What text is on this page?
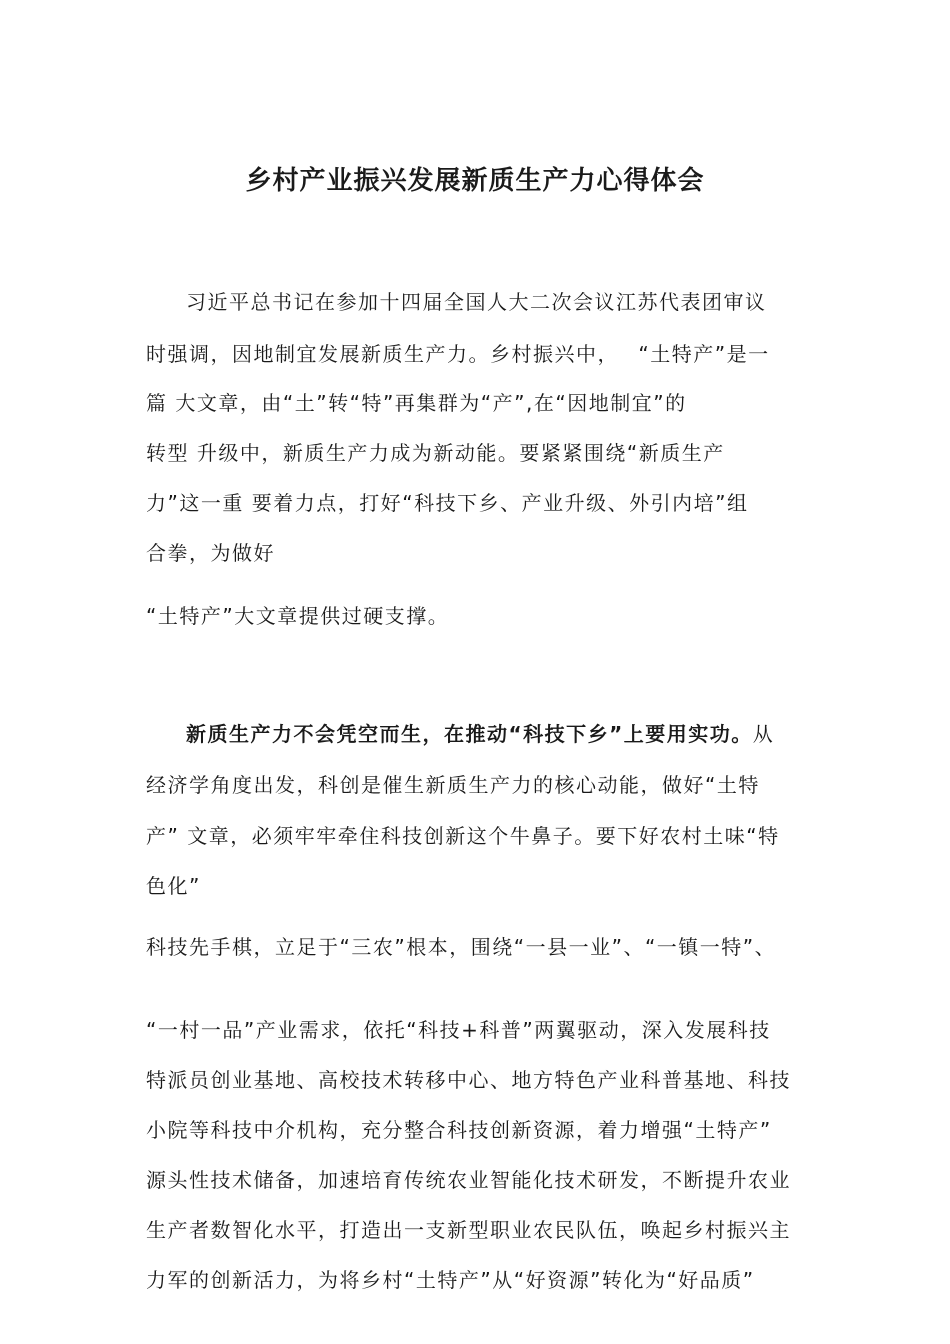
乡村产业振兴发展新质生产力心得体会
习近平总书记在参加十四届全国人大二次会议江苏代表团审议
时强调，因地制宜发展新质生产力。乡村振兴中，　 “土特产”是一
篇 大文章，由“土”转“特”再集群为“产”,在“因地制宜”的
转型 升级中，新质生产力成为新动能。要紧紧围绕“新质生产
力”这一重 要着力点，打好“科技下乡、产业升级、外引内培”组
合拳，为做好
“土特产”大文章提供过硬支撑。
新质生产力不会凭空而生，在推动“科技下乡”上要用实功。从
经济学角度出发，科创是催生新质生产力的核心动能，做好“土特
产” 文章，必须牢牢牵住科技创新这个牛鼻子。要下好农村土味“特
色化”
科技先手棋，立足于“三农”根本，围绕“一县一业”、“一镇一特”、
“一村一品”产业需求，依托“科技+科普”两翼驱动，深入发展科技
特派员创业基地、高校技术转移中心、地方特色产业科普基地、科技
小院等科技中介机构，充分整合科技创新资源，着力增强“土特产”
源头性技术储备，加速培育传统农业智能化技术研发，不断提升农业
生产者数智化水平，打造出一支新型职业农民队伍，唤起乡村振兴主
力军的创新活力，为将乡村“土特产”从“好资源”转化为“好品质”
